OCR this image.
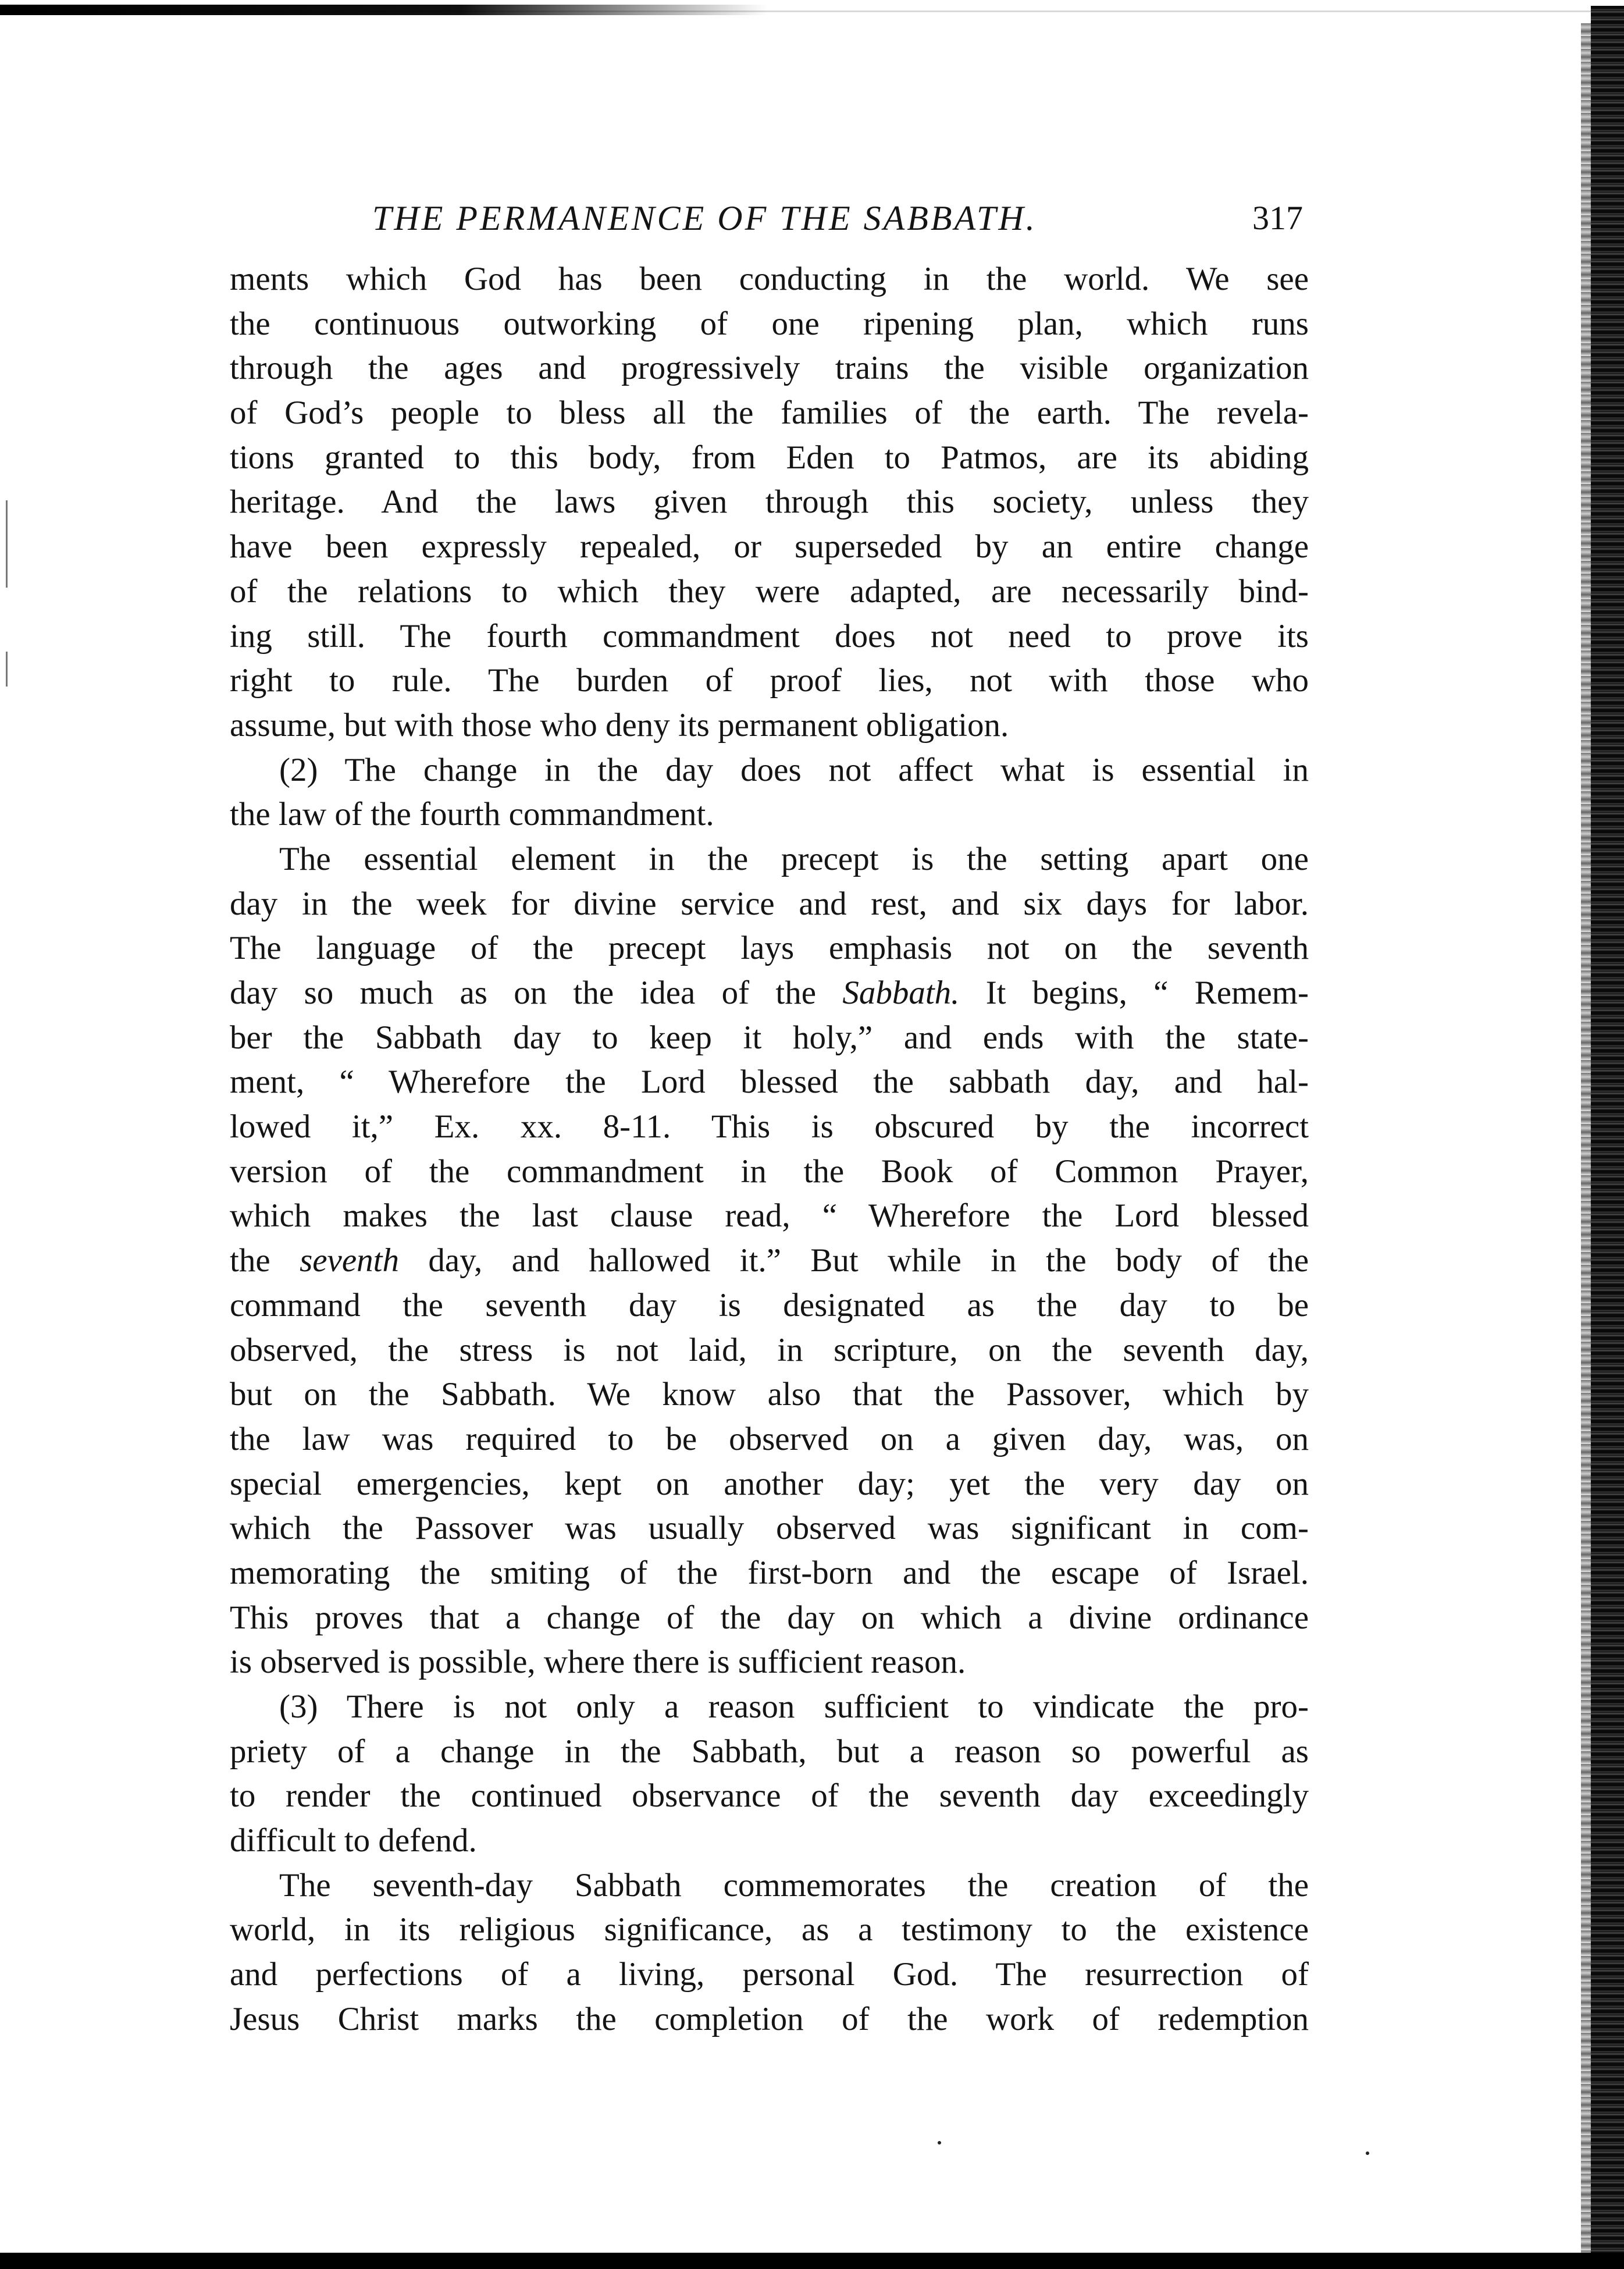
THE PERMANENCE OF THE SABBATH.	317
ments which God has been conducting in the world. We see
the continuous outworking of one ripening plan, which runs
through the ages and progressively trains the visible organization
of God’s people to bless all the families of the earth. The revela-
tions granted to this body, from Eden to Patmos, are its abiding
heritage. And the laws given through this society, unless they
have been expressly repealed, or superseded by an entire change
of the relations to which they were adapted, are necessarily bind-
ing still. The fourth commandment does not need to prove its
right to rule. The burden of proof lies, not with those who
assume, but with those who deny its permanent obligation.
(2) The change in the day does not affect what is essential in
the law of the fourth commandment.
The essential element in the precept is the setting apart one
day in the week for divine service and rest, and six days for labor.
The language of the precept lays emphasis not on the seventh
day so much as on the idea of the Sabbath. It begins, “ Remem-
ber the Sabbath day to keep it holy,” and ends with the state-
ment, “ Wherefore the Lord blessed the sabbath day, and hal-
lowed it,” Ex. xx. 8-11. This is obscured by the incorrect
version of the commandment in the Book of Common Prayer,
which makes the last clause read, “ Wherefore the Lord blessed
the seventh day, and hallowed it.” But while in the body of the
command the seventh day is designated as the day to be
observed, the stress is not laid, in scripture, on the seventh day,
but on the Sabbath. We know also that the Passover, which by
the law was required to be observed on a given day, was, on
special emergencies, kept on another day; yet the very day on
which the Passover was usually observed was significant in com-
memorating the smiting of the first-born and the escape of Israel.
This proves that a change of the day on which a divine ordinance
is observed is possible, where there is sufficient reason.
(3) There is not only a reason sufficient to vindicate the pro-
priety of a change in the Sabbath, but a reason so powerful as
to render the continued observance of the seventh day exceedingly
difficult to defend.
The seventh-day Sabbath commemorates the creation of the
world, in its religious significance, as a testimony to the existence
and perfections of a living, personal God. The resurrection of
Jesus Christ marks the completion of the work of redemption
